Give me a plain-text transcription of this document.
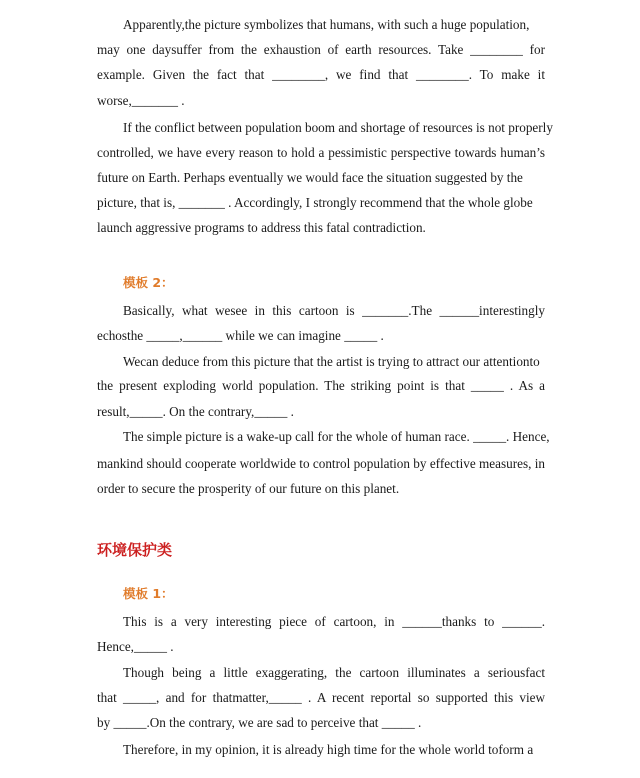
Apparently,the picture symbolizes that humans, with such a huge population,
may one daysuffer from the exhaustion of earth resources. Take ________ for
example. Given the fact that ________, we find that ________. To make it
worse,_______ .
If the conflict between population boom and shortage of resources is not properly
controlled, we have every reason to hold a pessimistic perspective towards human’s
future on Earth. Perhaps eventually we would face the situation suggested by the
picture, that is, _______ . Accordingly, I strongly recommend that the whole globe
launch aggressive programs to address this fatal contradiction.
模板 2：
Basically, what wesee in this cartoon is _______.The ______interestingly
echosthe _____,______ while we can imagine _____ .
Wecan deduce from this picture that the artist is trying to attract our attentionto
the present exploding world population. The striking point is that _____ . As a
result,_____. On the contrary,_____ .
The simple picture is a wake-up call for the whole of human race. _____. Hence,
mankind should cooperate worldwide to control population by effective measures, in
order to secure the prosperity of our future on this planet.
环境保护类
模板 1：
This is a very interesting piece of cartoon, in ______thanks to ______.
Hence,_____ .
Though being a little exaggerating, the cartoon illuminates a seriousfact
that _____, and for thatmatter,_____ . A recent reportal so supported this view
by _____.On the contrary, we are sad to perceive that _____ .
Therefore, in my opinion, it is already high time for the whole world toform a
